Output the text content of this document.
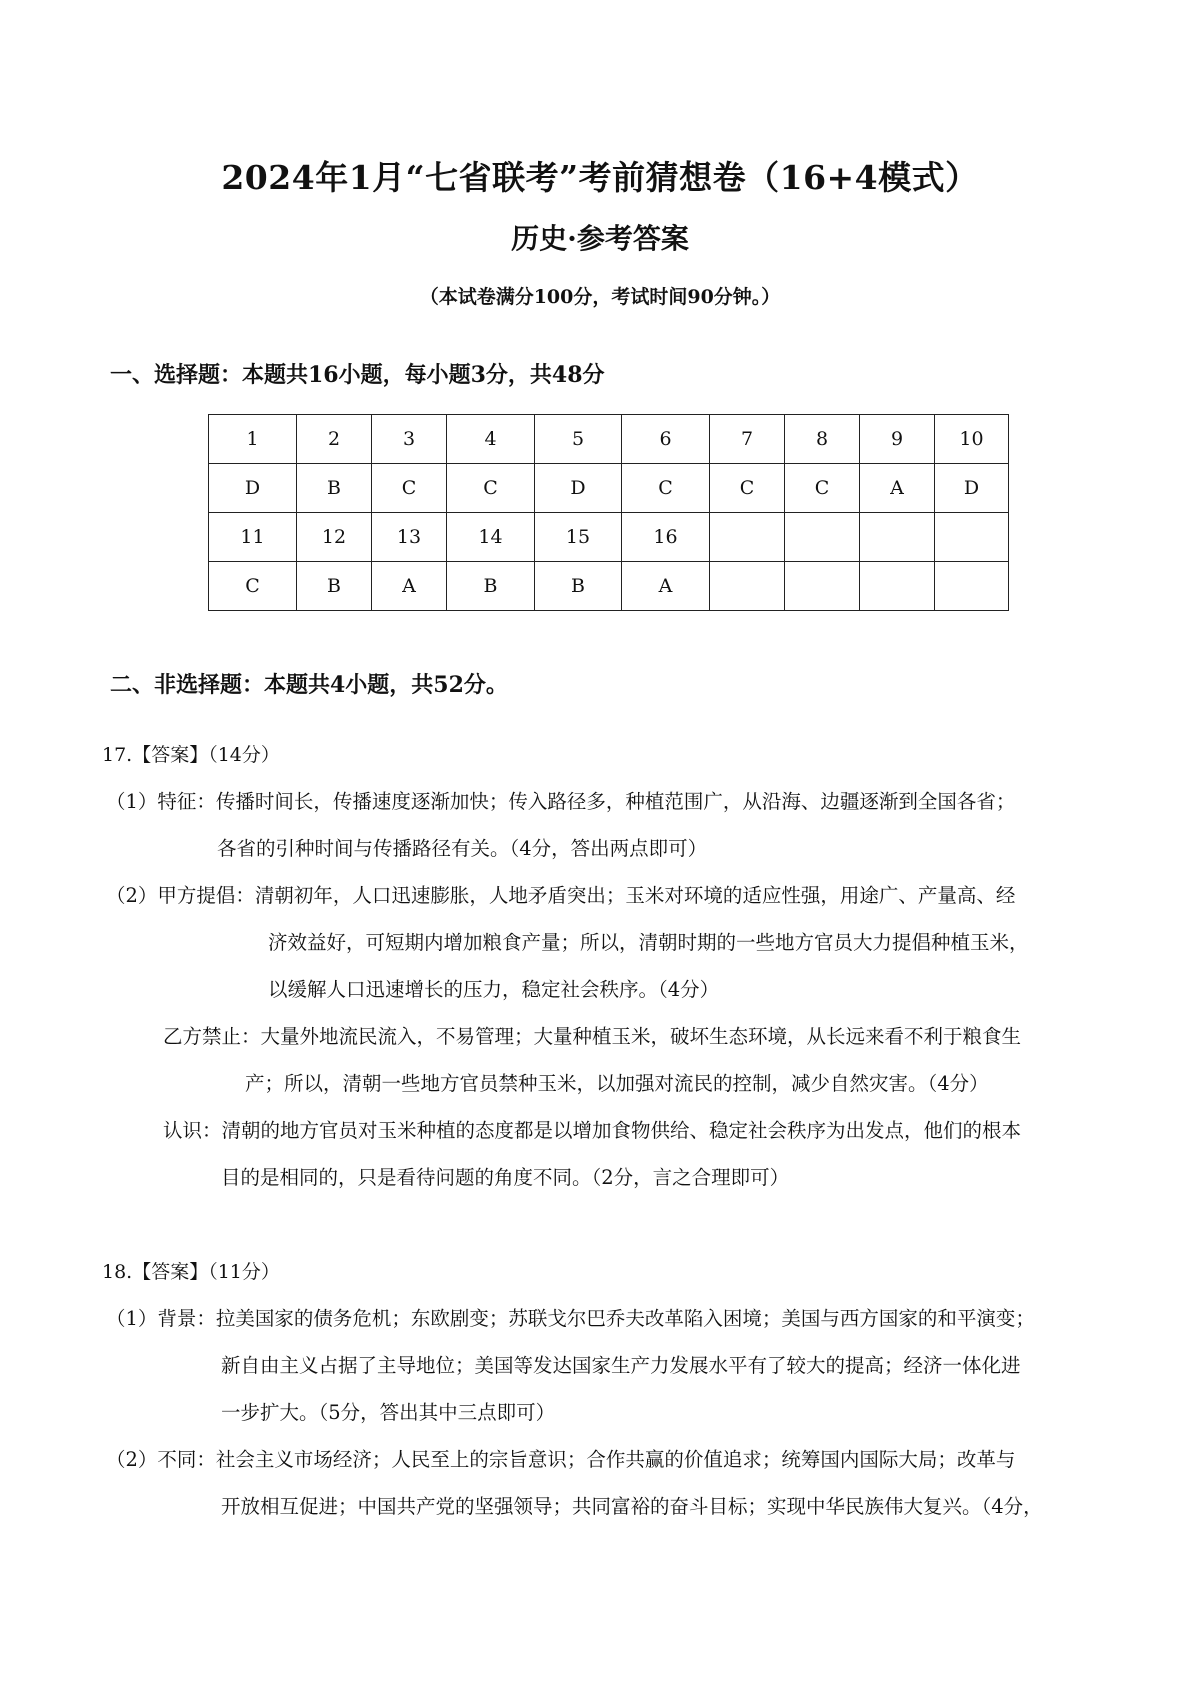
2024年1月“七省联考”考前猜想卷（16+4模式）
历史·参考答案
（本试卷满分100分，考试时间90分钟。）
一、选择题：本题共16小题，每小题3分，共48分
1	2	3	4	5	6	7	8	9	10
D	B	C	C	D	C	C	C	A	D
11	12	13	14	15	16				
C	B	A	B	B	A				
二、非选择题：本题共4小题，共52分。
17.【答案】（14分）
（1）特征：传播时间长，传播速度逐渐加快；传入路径多，种植范围广，从沿海、边疆逐渐到全国各省；
各省的引种时间与传播路径有关。（4分，答出两点即可）
（2）甲方提倡：清朝初年，人口迅速膨胀，人地矛盾突出；玉米对环境的适应性强，用途广、产量高、经
济效益好，可短期内增加粮食产量；所以，清朝时期的一些地方官员大力提倡种植玉米，
以缓解人口迅速增长的压力，稳定社会秩序。（4分）
乙方禁止：大量外地流民流入，不易管理；大量种植玉米，破坏生态环境，从长远来看不利于粮食生
产；所以，清朝一些地方官员禁种玉米，以加强对流民的控制，减少自然灾害。（4分）
认识：清朝的地方官员对玉米种植的态度都是以增加食物供给、稳定社会秩序为出发点，他们的根本
目的是相同的，只是看待问题的角度不同。（2分，言之合理即可）
18.【答案】（11分）
（1）背景：拉美国家的债务危机；东欧剧变；苏联戈尔巴乔夫改革陷入困境；美国与西方国家的和平演变；
新自由主义占据了主导地位；美国等发达国家生产力发展水平有了较大的提高；经济一体化进
一步扩大。（5分，答出其中三点即可）
（2）不同：社会主义市场经济；人民至上的宗旨意识；合作共赢的价值追求；统筹国内国际大局；改革与
开放相互促进；中国共产党的坚强领导；共同富裕的奋斗目标；实现中华民族伟大复兴。（4分，
